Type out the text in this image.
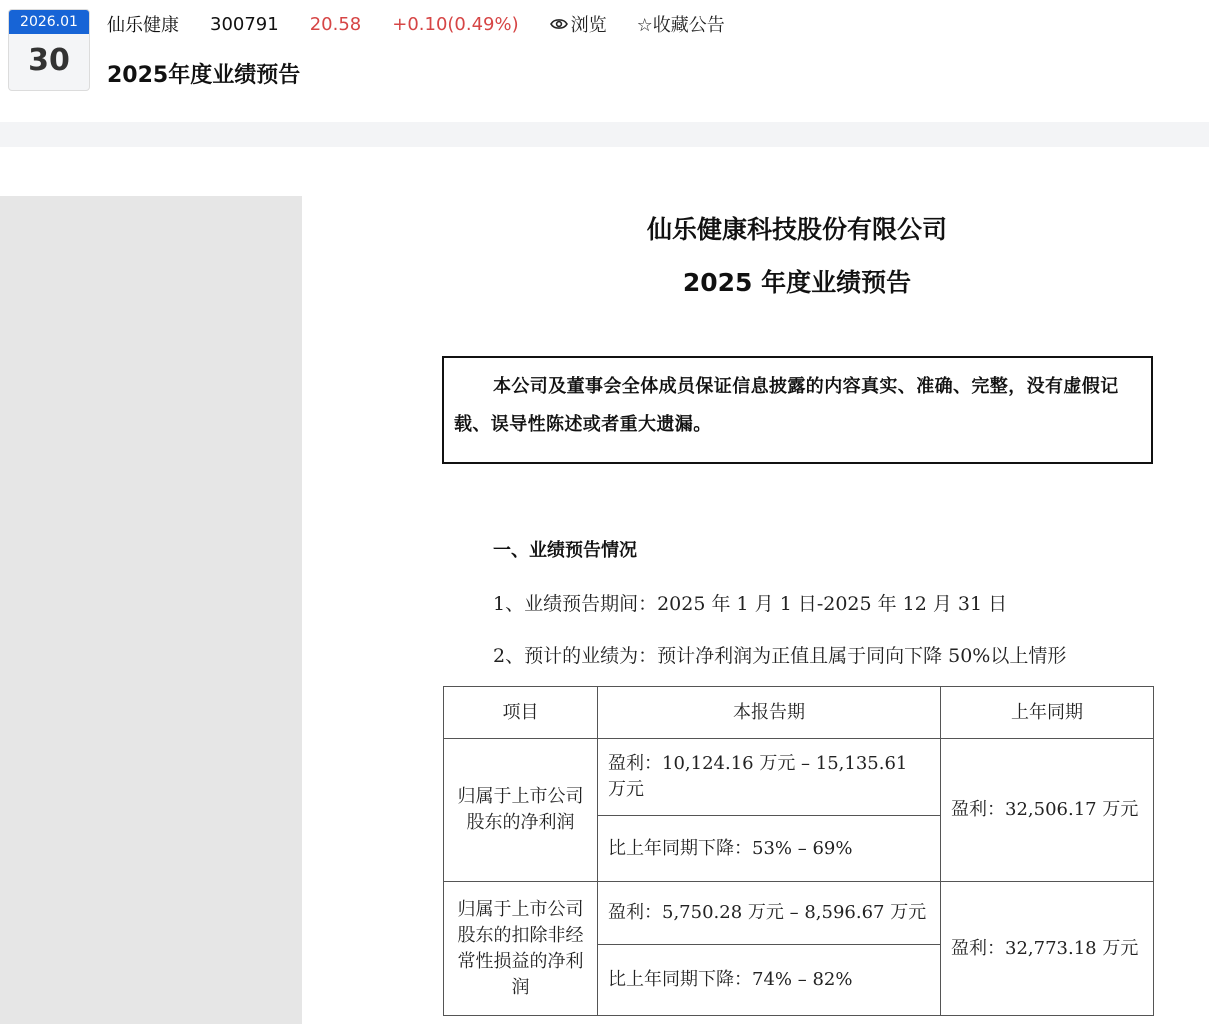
2026.01
30
仙乐健康 300791 20.58 +0.10(0.49%)	浏览 ☆收藏公告
2025年度业绩预告
仙乐健康科技股份有限公司
2025 年度业绩预告
本公司及董事会全体成员保证信息披露的内容真实、准确、完整，没有虚假记载、误导性陈述或者重大遗漏。
一、业绩预告情况
1、业绩预告期间：2025 年 1 月 1 日-2025 年 12 月 31 日
2、预计的业绩为：预计净利润为正值且属于同向下降 50%以上情形
项目	本报告期	上年同期
归属于上市公司股东的净利润	盈利：10,124.16 万元 – 15,135.61 万元	盈利：32,506.17 万元
	比上年同期下降：53% – 69%	
归属于上市公司股东的扣除非经常性损益的净利润	盈利：5,750.28 万元 – 8,596.67 万元	盈利：32,773.18 万元
	比上年同期下降：74% – 82%	
